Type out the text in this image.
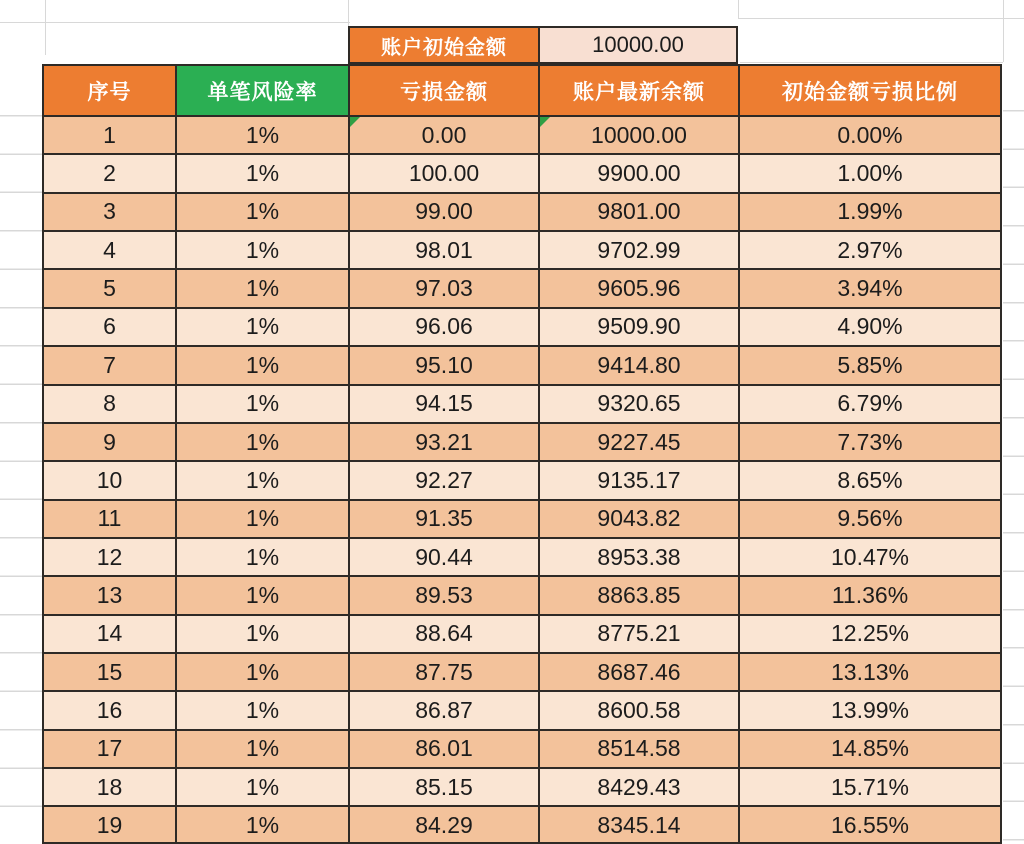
账户初始金额	10000.00
序号	单笔风险率	亏损金额	账户最新余额	初始金额亏损比例
1	1%	0.00	10000.00	0.00%
2	1%	100.00	9900.00	1.00%
3	1%	99.00	9801.00	1.99%
4	1%	98.01	9702.99	2.97%
5	1%	97.03	9605.96	3.94%
6	1%	96.06	9509.90	4.90%
7	1%	95.10	9414.80	5.85%
8	1%	94.15	9320.65	6.79%
9	1%	93.21	9227.45	7.73%
10	1%	92.27	9135.17	8.65%
11	1%	91.35	9043.82	9.56%
12	1%	90.44	8953.38	10.47%
13	1%	89.53	8863.85	11.36%
14	1%	88.64	8775.21	12.25%
15	1%	87.75	8687.46	13.13%
16	1%	86.87	8600.58	13.99%
17	1%	86.01	8514.58	14.85%
18	1%	85.15	8429.43	15.71%
19	1%	84.29	8345.14	16.55%
